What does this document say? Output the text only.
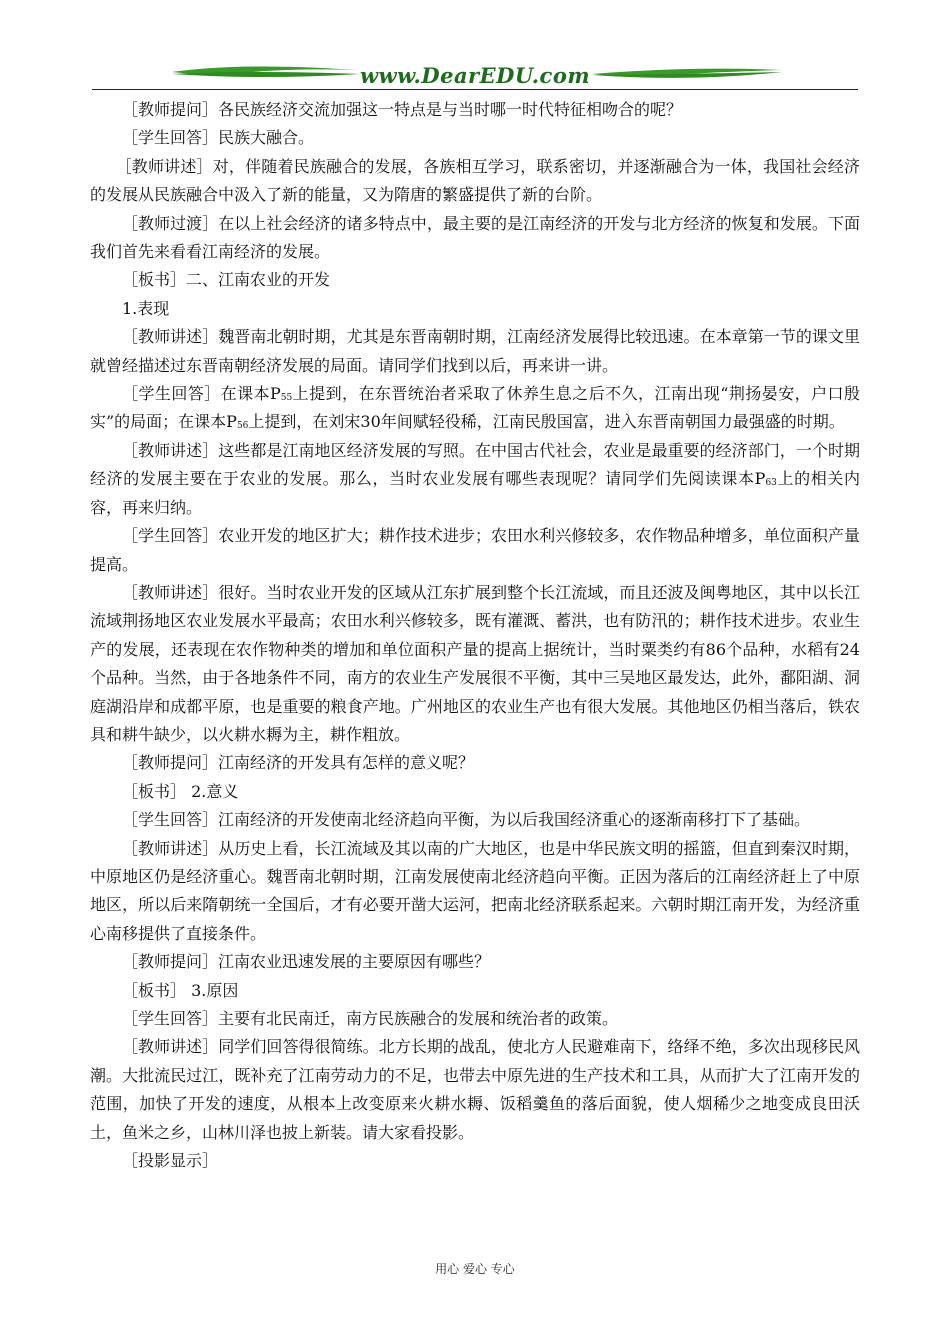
www.DearEDU.com

［教师提问］各民族经济交流加强这一特点是与当时哪一时代特征相吻合的呢？

［学生回答］民族大融合。

［教师讲述］对，伴随着民族融合的发展，各族相互学习，联系密切，并逐渐融合为一体，我国社会经济的发展从民族融合中汲入了新的能量，又为隋唐的繁盛提供了新的台阶。

［教师过渡］在以上社会经济的诸多特点中，最主要的是江南经济的开发与北方经济的恢复和发展。下面我们首先来看看江南经济的发展。

［板书］二、江南农业的开发

1.表现

［教师讲述］魏晋南北朝时期，尤其是东晋南朝时期，江南经济发展得比较迅速。在本章第一节的课文里就曾经描述过东晋南朝经济发展的局面。请同学们找到以后，再来讲一讲。

［学生回答］在课本$P_{55}$上提到，在东晋统治者采取了休养生息之后不久，江南出现“荆扬晏安，户口殷实”的局面；在课本$P_{56}$上提到，在刘宋30年间赋轻役稀，江南民殷国富，进入东晋南朝国力最强盛的时期。

［教师讲述］这些都是江南地区经济发展的写照。在中国古代社会，农业是最重要的经济部门，一个时期经济的发展主要在于农业的发展。那么，当时农业发展有哪些表现呢？请同学们先阅读课本$P_{63}$上的相关内容，再来归纳。

［学生回答］农业开发的地区扩大；耕作技术进步；农田水利兴修较多，农作物品种增多，单位面积产量提高。

［教师讲述］很好。当时农业开发的区域从江东扩展到整个长江流域，而且还波及闽粤地区，其中以长江流域荆扬地区农业发展水平最高；农田水利兴修较多，既有灌溉、蓄洪，也有防汛的；耕作技术进步。农业生产的发展，还表现在农作物种类的增加和单位面积产量的提高上据统计，当时粟类约有86个品种，水稻有24个品种。当然，由于各地条件不同，南方的农业生产发展很不平衡，其中三吴地区最发达，此外，鄱阳湖、洞庭湖沿岸和成都平原，也是重要的粮食产地。广州地区的农业生产也有很大发展。其他地区仍相当落后，铁农具和耕牛缺少，以火耕水耨为主，耕作粗放。

［教师提问］江南经济的开发具有怎样的意义呢？

［板书］ 2.意义

［学生回答］江南经济的开发使南北经济趋向平衡，为以后我国经济重心的逐渐南移打下了基础。

［教师讲述］从历史上看，长江流域及其以南的广大地区，也是中华民族文明的摇篮，但直到秦汉时期，中原地区仍是经济重心。魏晋南北朝时期，江南发展使南北经济趋向平衡。正因为落后的江南经济赶上了中原地区，所以后来隋朝统一全国后，才有必要开凿大运河，把南北经济联系起来。六朝时期江南开发，为经济重心南移提供了直接条件。

［教师提问］江南农业迅速发展的主要原因有哪些？

［板书］ 3.原因

［学生回答］主要有北民南迁，南方民族融合的发展和统治者的政策。

［教师讲述］同学们回答得很简练。北方长期的战乱，使北方人民避难南下，络绎不绝，多次出现移民风潮。大批流民过江，既补充了江南劳动力的不足，也带去中原先进的生产技术和工具，从而扩大了江南开发的范围，加快了开发的速度，从根本上改变原来火耕水耨、饭稻羹鱼的落后面貌，使人烟稀少之地变成良田沃土，鱼米之乡，山林川泽也披上新装。请大家看投影。

［投影显示］

用心 爱心 专心
